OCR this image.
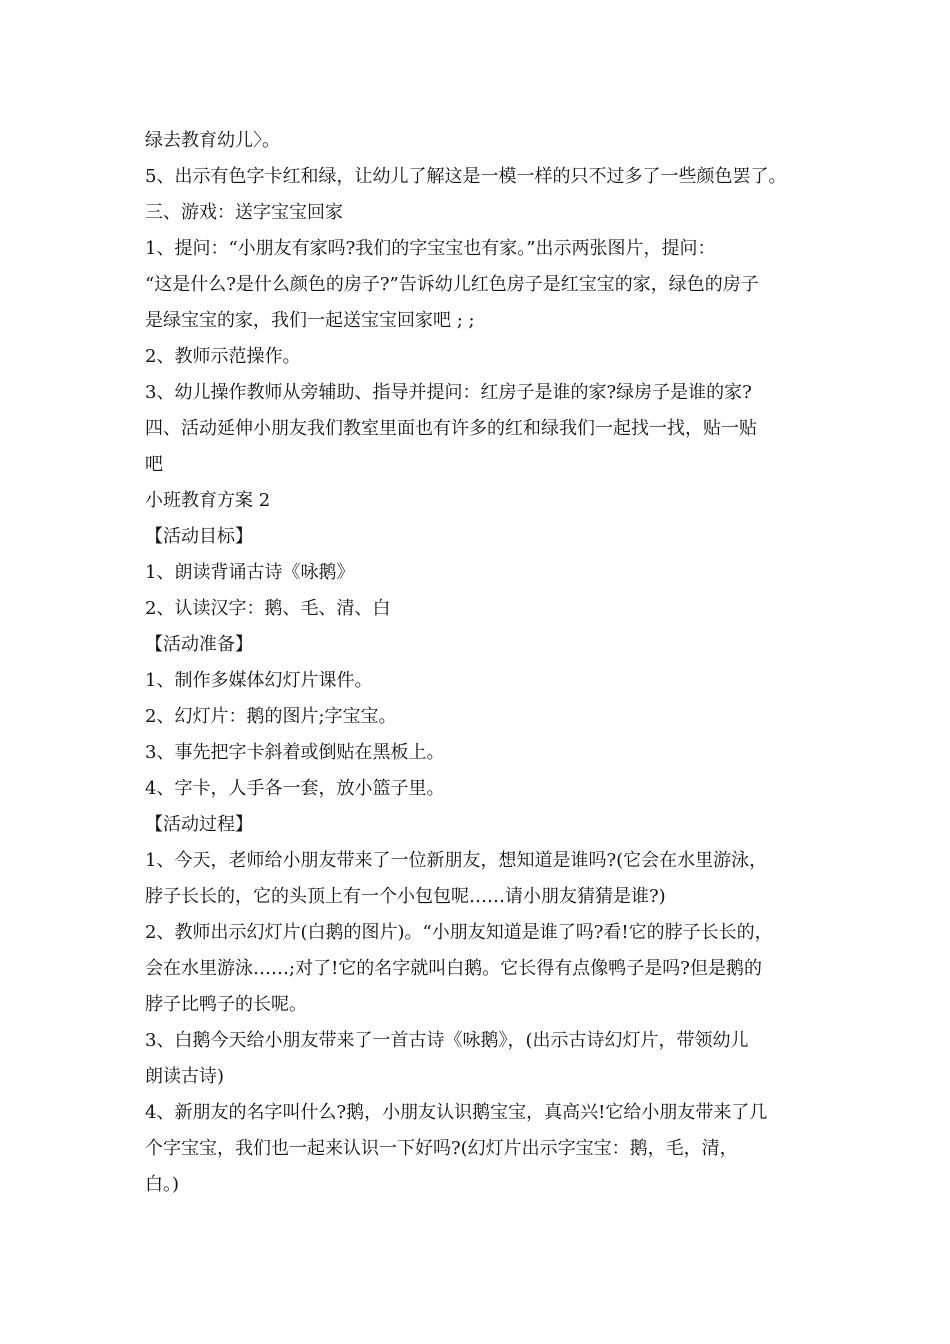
绿去教育幼儿〉。
5、出示有色字卡红和绿，让幼儿了解这是一模一样的只不过多了一些颜色罢了。
三、游戏：送字宝宝回家
1、提问：“小朋友有家吗?我们的字宝宝也有家。”出示两张图片，提问：
“这是什么?是什么颜色的房子?”告诉幼儿红色房子是红宝宝的家，绿色的房子
是绿宝宝的家，我们一起送宝宝回家吧 ; ;
2、教师示范操作。
3、幼儿操作教师从旁辅助、指导并提问：红房子是谁的家?绿房子是谁的家?
四、活动延伸小朋友我们教室里面也有许多的红和绿我们一起找一找，贴一贴
吧
小班教育方案 2
【活动目标】
1、朗读背诵古诗《咏鹅》
2、认读汉字：鹅、毛、清、白
【活动准备】
1、制作多媒体幻灯片课件。
2、幻灯片：鹅的图片;字宝宝。
3、事先把字卡斜着或倒贴在黑板上。
4、字卡，人手各一套，放小篮子里。
【活动过程】
1、今天，老师给小朋友带来了一位新朋友，想知道是谁吗?(它会在水里游泳，
脖子长长的，它的头顶上有一个小包包呢……请小朋友猜猜是谁?)
2、教师出示幻灯片(白鹅的图片)。“小朋友知道是谁了吗?看!它的脖子长长的，
会在水里游泳……;对了!它的名字就叫白鹅。它长得有点像鸭子是吗?但是鹅的
脖子比鸭子的长呢。
3、白鹅今天给小朋友带来了一首古诗《咏鹅》，(出示古诗幻灯片，带领幼儿
朗读古诗)
4、新朋友的名字叫什么?鹅，小朋友认识鹅宝宝，真高兴!它给小朋友带来了几
个字宝宝，我们也一起来认识一下好吗?(幻灯片出示字宝宝：鹅，毛，清，
白。)
